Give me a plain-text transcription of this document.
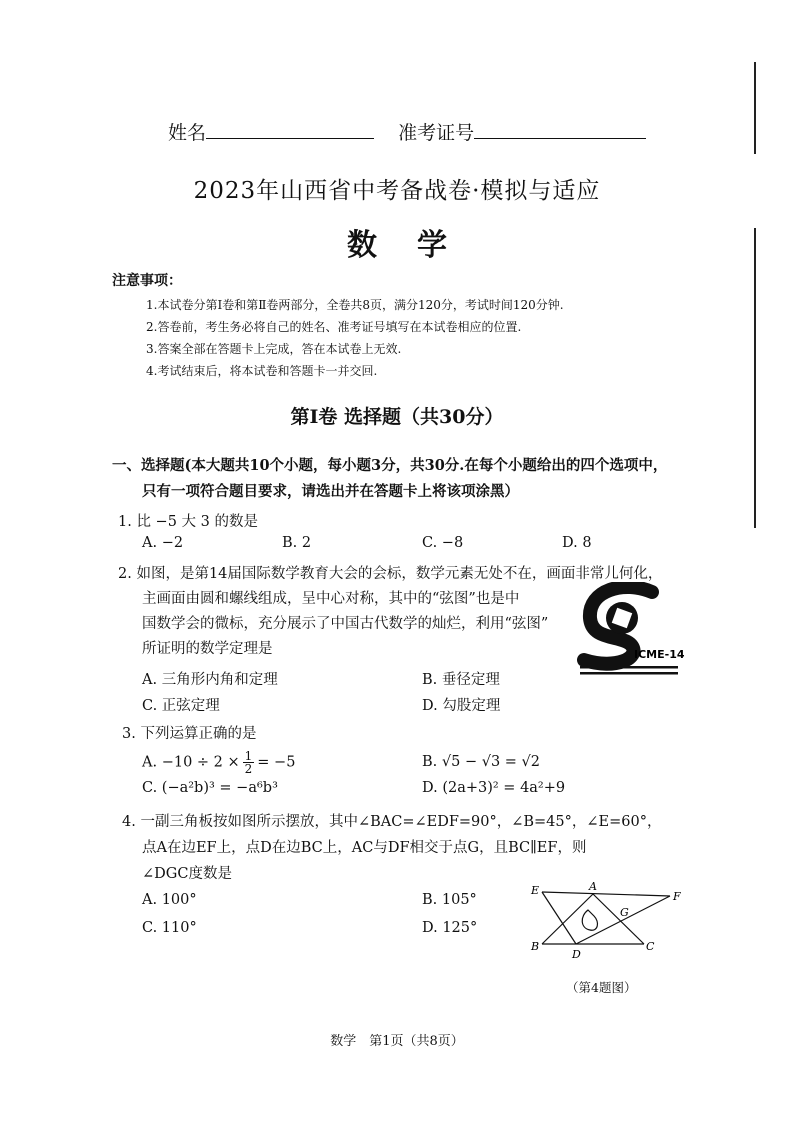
姓名	准考证号
2023年山西省中考备战卷·模拟与适应
数学
注意事项：
1.本试卷分第Ⅰ卷和第Ⅱ卷两部分，全卷共8页，满分120分，考试时间120分钟.
2.答卷前，考生务必将自己的姓名、准考证号填写在本试卷相应的位置.
3.答案全部在答题卡上完成，答在本试卷上无效.
4.考试结束后，将本试卷和答题卡一并交回.
第Ⅰ卷 选择题（共30分）
一、选择题(本大题共10个小题，每小题3分，共30分.在每个小题给出的四个选项中，
只有一项符合题目要求，请选出并在答题卡上将该项涂黑）
1. 比 −5 大 3 的数是
A. −2	B. 2	C. −8	D. 8
2. 如图，是第14届国际数学教育大会的会标，数学元素无处不在，画面非常儿何化，
主画面由圆和螺线组成，呈中心对称，其中的“弦图”也是中
国数学会的微标，充分展示了中国古代数学的灿烂，利用“弦图”
所证明的数学定理是
A. 三角形内角和定理	B. 垂径定理
C. 正弦定理	D. 勾股定理
ICME-14
3. 下列运算正确的是
A. $-10 \div 2 \times \frac{1}{2} = -5$	B. √5 − √3 = √2
C. (−a²b)³ = −a⁶b³	D. (2a+3)² = 4a²+9
4. 一副三角板按如图所示摆放，其中∠BAC=∠EDF=90°，∠B=45°，∠E=60°，
点A在边EF上，点D在边BC上，AC与DF相交于点G，且BC∥EF，则
∠DGC度数是
A. 100°	B. 105°
C. 110°	D. 125°
E	A
F
G
B
D
C
（第4题图）
数学　第1页（共8页）
